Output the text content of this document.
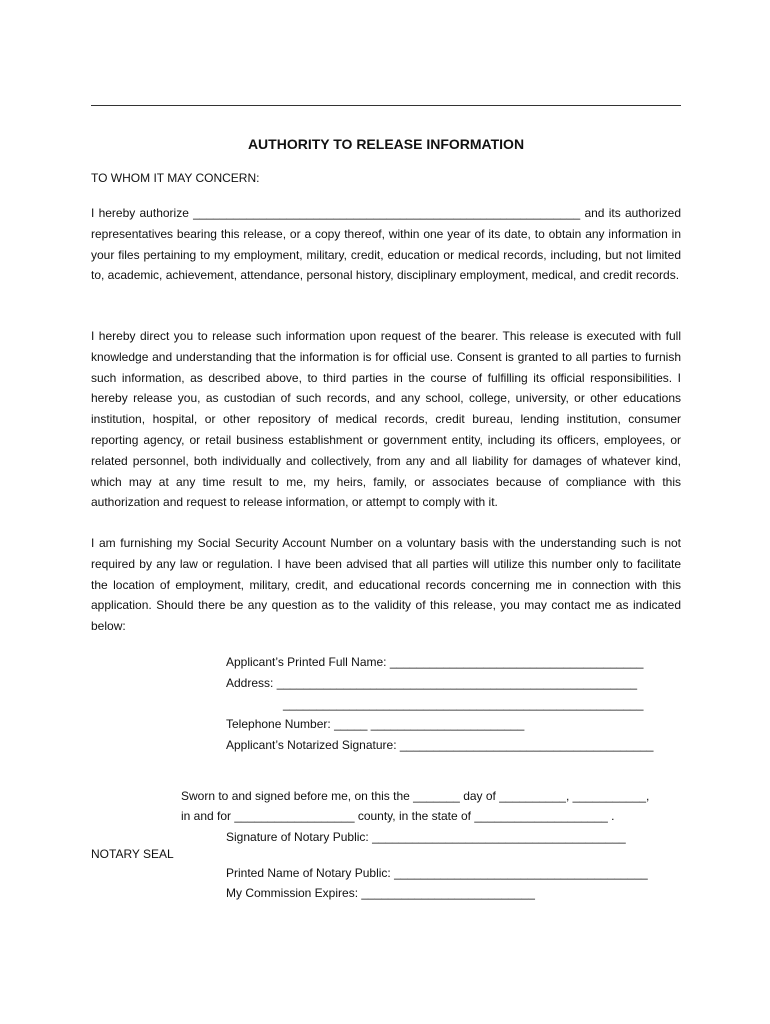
AUTHORITY TO RELEASE INFORMATION

TO WHOM IT MAY CONCERN:

I hereby authorize __________________________________________________________ and its authorized representatives bearing this release, or a copy thereof, within one year of its date, to obtain any information in your files pertaining to my employment, military, credit, education or medical records, including, but not limited to, academic, achievement, attendance, personal history, disciplinary employment, medical, and credit records.

I hereby direct you to release such information upon request of the bearer. This release is executed with full knowledge and understanding that the information is for official use. Consent is granted to all parties to furnish such information, as described above, to third parties in the course of fulfilling its official responsibilities. I hereby release you, as custodian of such records, and any school, college, university, or other educations institution, hospital, or other repository of medical records, credit bureau, lending institution, consumer reporting agency, or retail business establishment or government entity, including its officers, employees, or related personnel, both individually and collectively, from any and all liability for damages of whatever kind, which may at any time result to me, my heirs, family, or associates because of compliance with this authorization and request to release information, or attempt to comply with it.

I am furnishing my Social Security Account Number on a voluntary basis with the understanding such is not required by any law or regulation. I have been advised that all parties will utilize this number only to facilitate the location of employment, military, credit, and educational records concerning me in connection with this application. Should there be any question as to the validity of this release, you may contact me as indicated below:

Applicant’s Printed Full Name: ______________________________________

Address: ______________________________________________________

______________________________________________________

Telephone Number: _____ _______________________

Applicant’s Notarized Signature: ______________________________________

Sworn to and signed before me, on this the _______ day of __________, ___________,

in and for __________________ county, in the state of ____________________ .

Signature of Notary Public: ______________________________________

NOTARY SEAL

Printed Name of Notary Public: ______________________________________

My Commission Expires: __________________________
